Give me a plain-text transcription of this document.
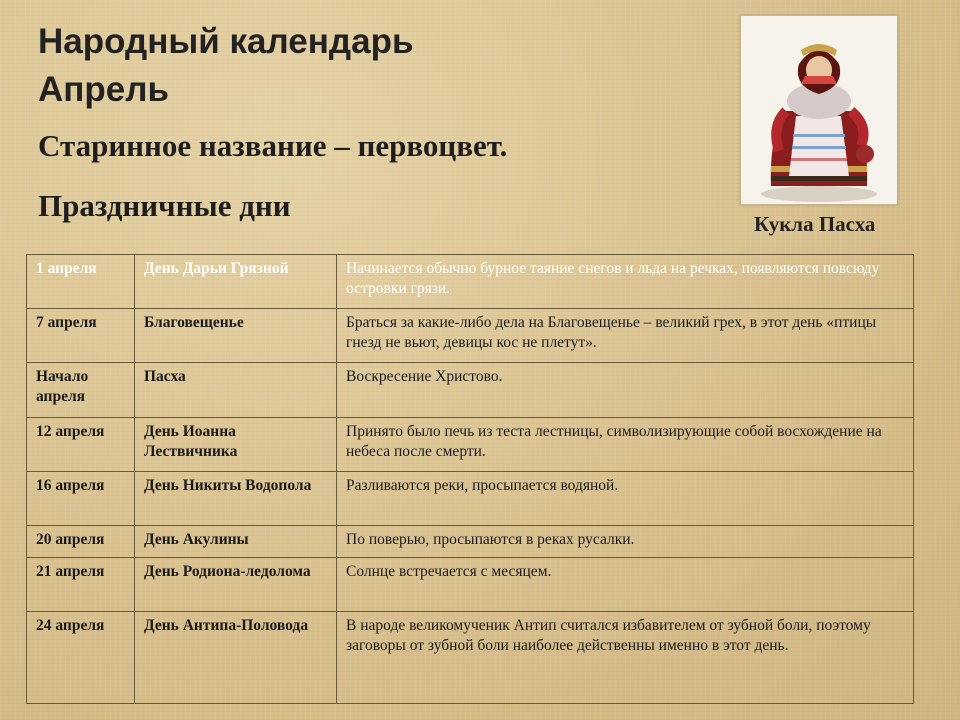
Народный календарь
Апрель
Старинное название – первоцвет.
Праздничные дни
Кукла Пасха
1 апреля	День Дарьи Грязной	Начинается обычно бурное таяние снегов и льда на речках, появляются повсюду островки грязи.
7 апреля	Благовещенье	Браться за какие-либо дела на Благовещенье – великий грех, в этот день «птицы гнезд не вьют, девицы кос не плетут».
Начало апреля	Пасха	Воскресение Христово.
12 апреля	День Иоанна Лествичника	Принято было печь из теста лестницы, символизирующие собой восхождение на небеса после смерти.
16 апреля	День Никиты Водопола	Разливаются реки, просыпается водяной.
20 апреля	День Акулины	По поверью, просыпаются в реках русалки.
21 апреля	День Родиона-ледолома	Солнце встречается с месяцем.
24 апреля	День Антипа-Половода	В народе великомученик Антип считался избавителем от зубной боли, поэтому заговоры от зубной боли наиболее действенны именно в этот день.
